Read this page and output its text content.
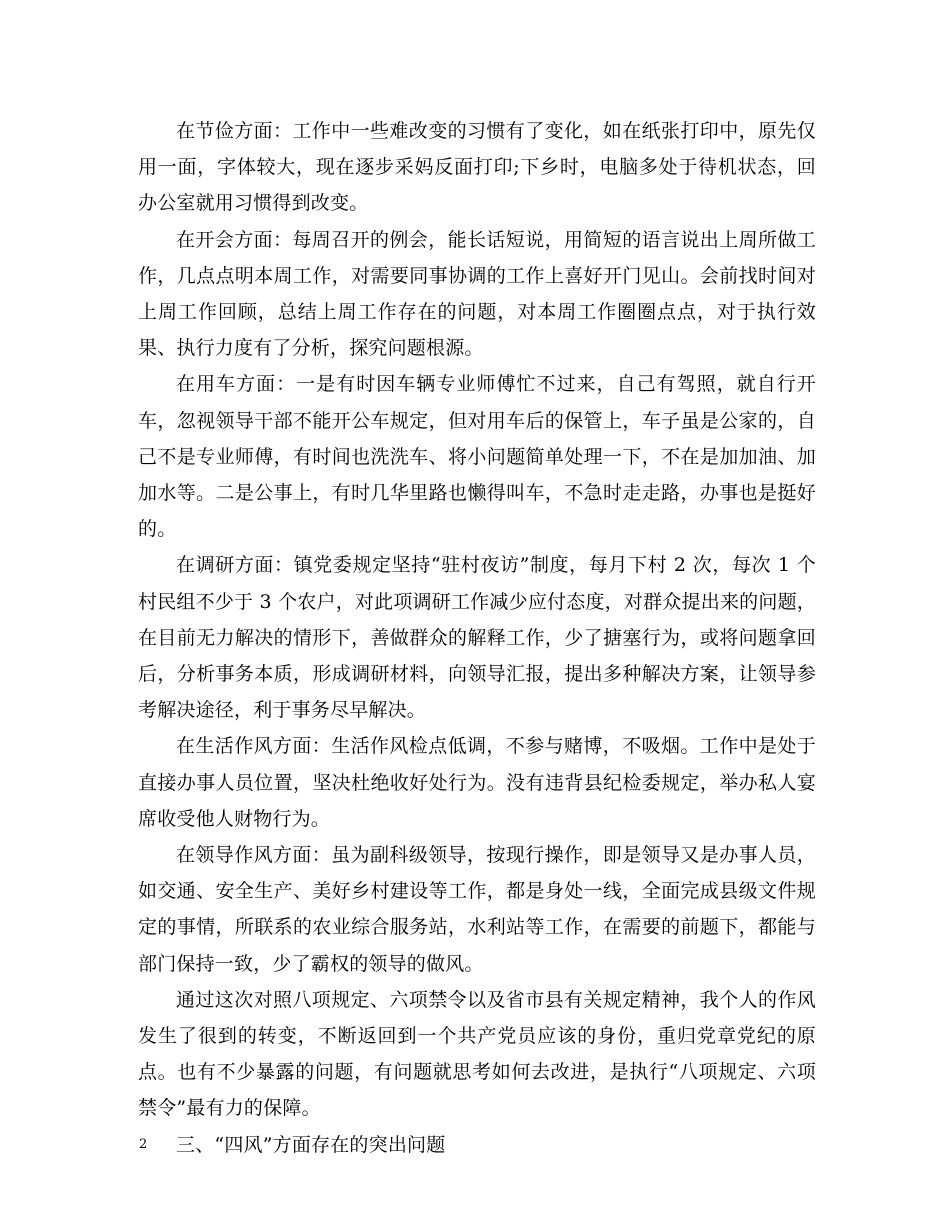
在节俭方面：工作中一些难改变的习惯有了变化，如在纸张打印中，原先仅用一面，字体较大，现在逐步采妈反面打印;下乡时，电脑多处于待机状态，回办公室就用习惯得到改变。

在开会方面：每周召开的例会，能长话短说，用简短的语言说出上周所做工作，几点点明本周工作，对需要同事协调的工作上喜好开门见山。会前找时间对上周工作回顾，总结上周工作存在的问题，对本周工作圈圈点点，对于执行效果、执行力度有了分析，探究问题根源。

在用车方面：一是有时因车辆专业师傅忙不过来，自己有驾照，就自行开车，忽视领导干部不能开公车规定，但对用车后的保管上，车子虽是公家的，自己不是专业师傅，有时间也洗洗车、将小问题简单处理一下，不在是加加油、加加水等。二是公事上，有时几华里路也懒得叫车，不急时走走路，办事也是挺好的。

在调研方面：镇党委规定坚持“驻村夜访”制度，每月下村 2 次，每次 1 个村民组不少于 3 个农户，对此项调研工作减少应付态度，对群众提出来的问题，在目前无力解决的情形下，善做群众的解释工作，少了搪塞行为，或将问题拿回后，分析事务本质，形成调研材料，向领导汇报，提出多种解决方案，让领导参考解决途径，利于事务尽早解决。

在生活作风方面：生活作风检点低调，不参与赌博，不吸烟。工作中是处于直接办事人员位置，坚决杜绝收好处行为。没有违背县纪检委规定，举办私人宴席收受他人财物行为。

在领导作风方面：虽为副科级领导，按现行操作，即是领导又是办事人员，如交通、安全生产、美好乡村建设等工作，都是身处一线，全面完成县级文件规定的事情，所联系的农业综合服务站，水利站等工作，在需要的前题下，都能与部门保持一致，少了霸权的领导的做风。

通过这次对照八项规定、六项禁令以及省市县有关规定精神，我个人的作风发生了很到的转变，不断返回到一个共产党员应该的身份，重归党章党纪的原点。也有不少暴露的问题，有问题就思考如何去改进，是执行“八项规定、六项禁令”最有力的保障。

三、“四风”方面存在的突出问题

2
